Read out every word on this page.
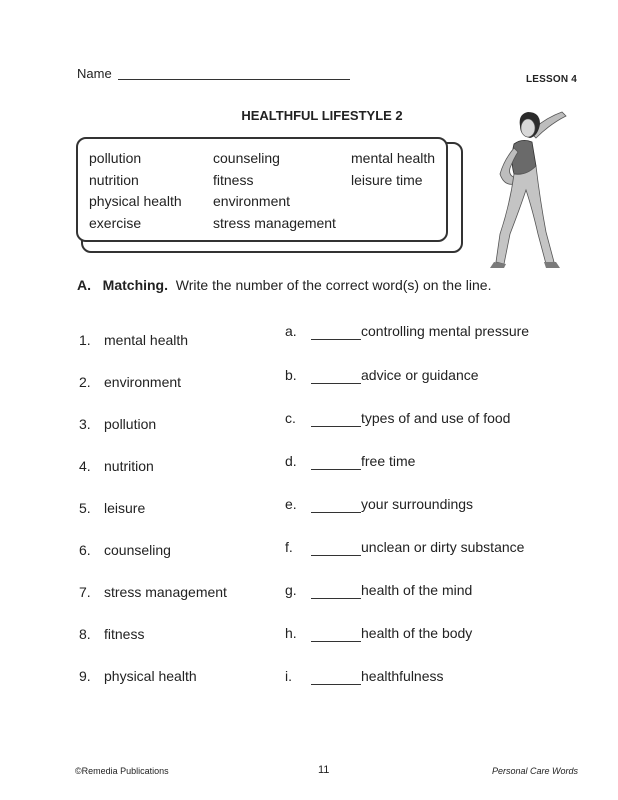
Name	LESSON 4
HEALTHFUL LIFESTYLE 2
pollution
nutrition
physical health
exercise
counseling
fitness
environment
stress management
mental health
leisure time
A. Matching. Write the number of the correct word(s) on the line.
1. mental health
2. environment
3. pollution
4. nutrition
5. leisure
6. counseling
7. stress management
8. fitness
9. physical health
a.	controlling mental pressure
b.	advice or guidance
c.	types of and use of food
d.	free time
e.	your surroundings
f.	unclean or dirty substance
g.	health of the mind
h.	health of the body
i.	healthfulness
©Remedia Publications	11	Personal Care Words
